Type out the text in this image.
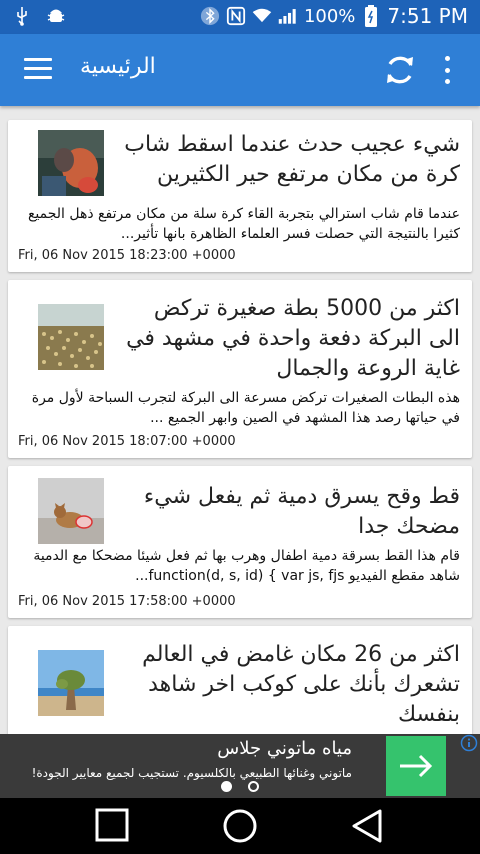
100% 7:51 PM
الرئيسية
شيء عجيب حدث عندما اسقط شاب كرة من مكان مرتفع حير الكثيرين
عندما قام شاب استرالي بتجربة القاء كرة سلة من مكان مرتفع ذهل الجميع كثيرا بالنتيجة التي حصلت فسر العلماء الظاهرة بانها تأثير...
Fri, 06 Nov 2015 18:23:00 +0000
اكثر من 5000 بطة صغيرة تركض الى البركة دفعة واحدة في مشهد في غاية الروعة والجمال
هذه البطات الصغيرات تركض مسرعة الى البركة لتجرب السباحة لأول مرة في حياتها رصد هذا المشهد في الصين وابهر الجميع ...
Fri, 06 Nov 2015 18:07:00 +0000
قط وقح يسرق دمية ثم يفعل شيء مضحك جدا
قام هذا القط بسرقة دمية اطفال وهرب بها ثم فعل شيئا مضحكا مع الدمية شاهد مقطع الفيديو function(d, s, id) { var js, fjs...
Fri, 06 Nov 2015 17:58:00 +0000
اكثر من 26 مكان غامض في العالم تشعرك بأنك على كوكب اخر شاهد بنفسك
مياه ماتوني جلاس
ماتوني وغنائها الطبيعي بالكلسيوم. تستجيب لجميع معايير الجودة!
